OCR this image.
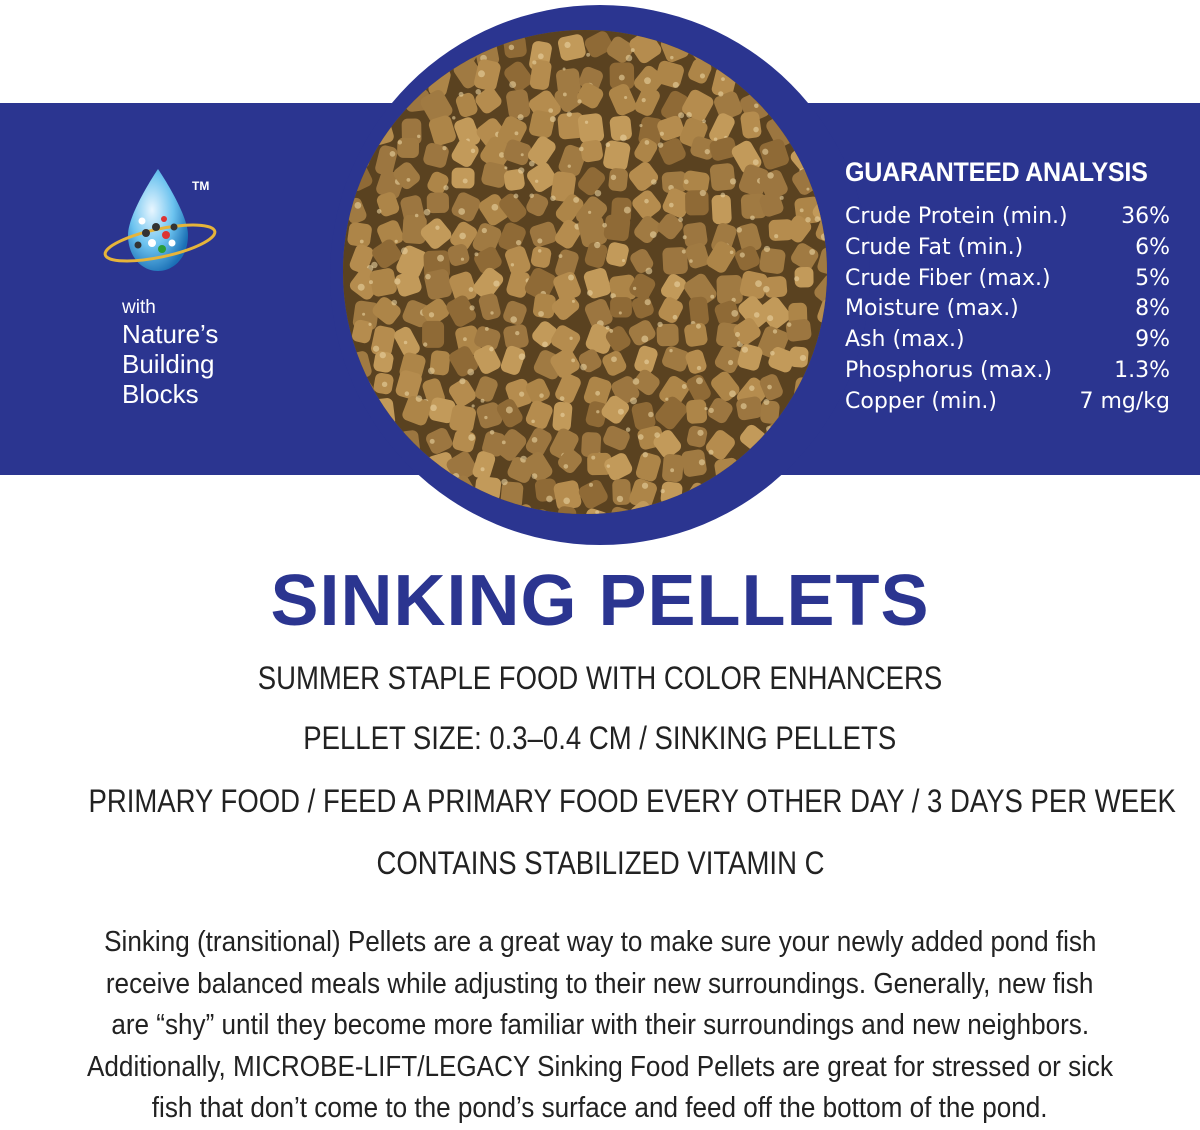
TM
with
Nature’s
Building
Blocks
GUARANTEED ANALYSIS
Crude Protein (min.) 36%
Crude Fat (min.)	6%
Crude Fiber (max.)	5%
Moisture (max.)	8%
Ash (max.)	9%
Phosphorus (max.)	1.3%
Copper (min.)	7 mg/kg
SINKING PELLETS
SUMMER STAPLE FOOD WITH COLOR ENHANCERS
PELLET SIZE: 0.3–0.4 CM / SINKING PELLETS
PRIMARY FOOD / FEED A PRIMARY FOOD EVERY OTHER DAY / 3 DAYS PER WEEK
CONTAINS STABILIZED VITAMIN C
Sinking (transitional) Pellets are a great way to make sure your newly added pond fish
receive balanced meals while adjusting to their new surroundings. Generally, new fish
are “shy” until they become more familiar with their surroundings and new neighbors.
Additionally, MICROBE-LIFT/LEGACY Sinking Food Pellets are great for stressed or sick
fish that don’t come to the pond’s surface and feed off the bottom of the pond.
